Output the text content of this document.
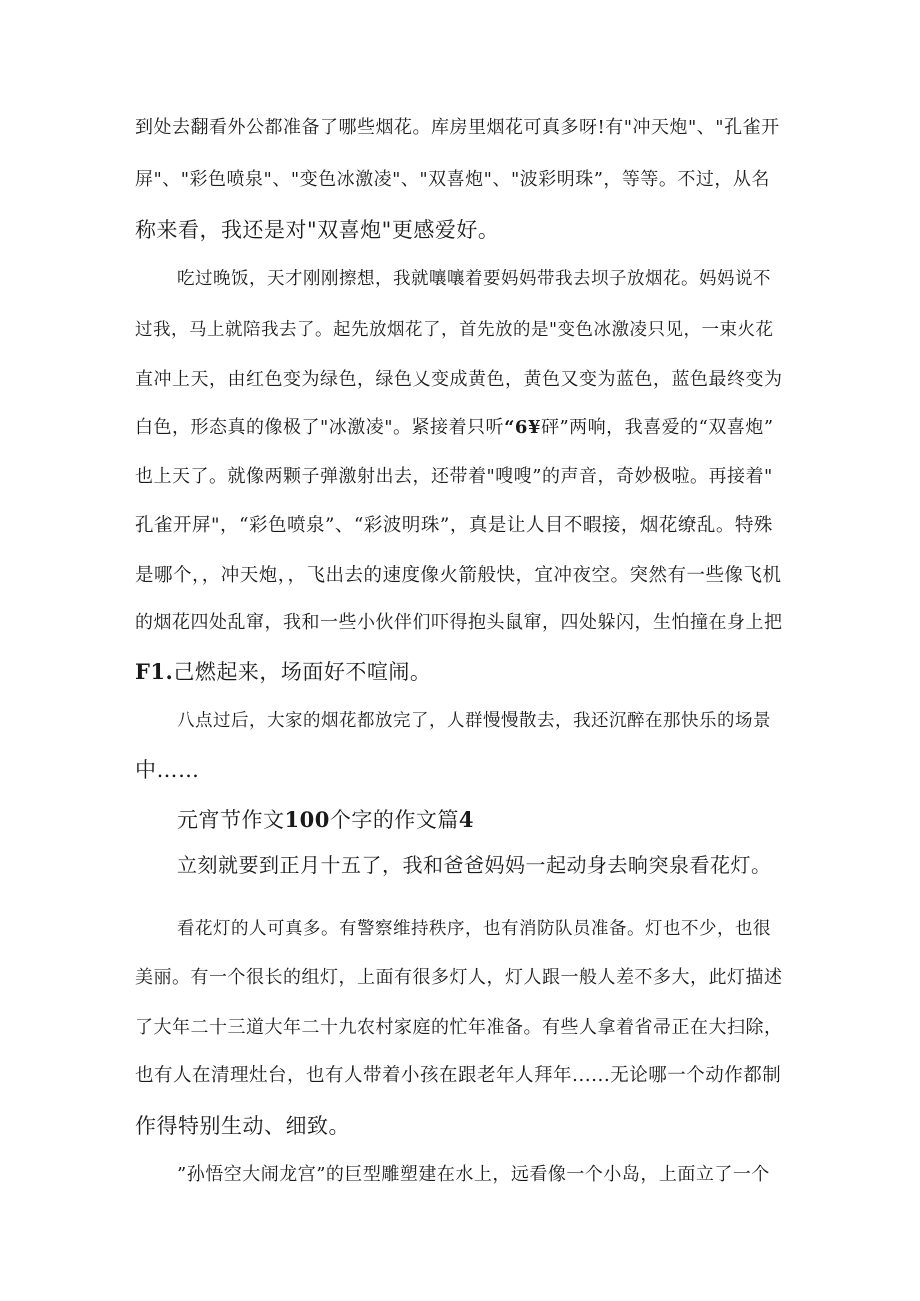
到处去翻看外公都准备了哪些烟花。库房里烟花可真多呀!有"冲天炮"、"孔雀开

屏"、"彩色喷泉"、"变色冰激凌"、"双喜炮"、"波彩明珠”，等等。不过，从名

称来看，我还是对"双喜炮"更感爱好。

吃过晚饭，天才刚刚擦想，我就嚷嚷着要妈妈带我去坝子放烟花。妈妈说不

过我，马上就陪我去了。起先放烟花了，首先放的是"变色冰激凌只见，一束火花

直冲上天，由红色变为绿色，绿色乂变成黄色，黄色又变为蓝色，蓝色最终变为

白色，形态真的像极了"冰激凌"。紧接着只听“6¥砰”两响，我喜爱的“双喜炮”

也上天了。就像两颗子弹激射出去，还带着"嗖嗖”的声音，奇妙极啦。再接着"

孔雀开屏"，“彩色喷泉”、“彩波明珠”，真是让人目不暇接，烟花缭乱。特殊

是哪个，，冲天炮，，飞出去的速度像火箭般快，宜冲夜空。突然有一些像飞机

的烟花四处乱窜，我和一些小伙伴们吓得抱头鼠窜，四处躲闪，生怕撞在身上把

F1.己燃起来，场面好不喧闹。

八点过后，大家的烟花都放完了，人群慢慢散去，我还沉醉在那快乐的场景

中……

元宵节作文100个字的作文篇4

立刻就要到正月十五了，我和爸爸妈妈一起动身去晌突泉看花灯。

看花灯的人可真多。有警察维持秩序，也有消防队员准备。灯也不少，也很

美丽。有一个很长的组灯，上面有很多灯人，灯人跟一般人差不多大，此灯描述

了大年二十三道大年二十九农村家庭的忙年准备。有些人拿着省帚正在大扫除，

也有人在清理灶台，也有人带着小孩在跟老年人拜年......无论哪一个动作都制

作得特别生动、细致。

”孙悟空大闹龙宫”的巨型雕塑建在水上，远看像一个小岛，上面立了一个
